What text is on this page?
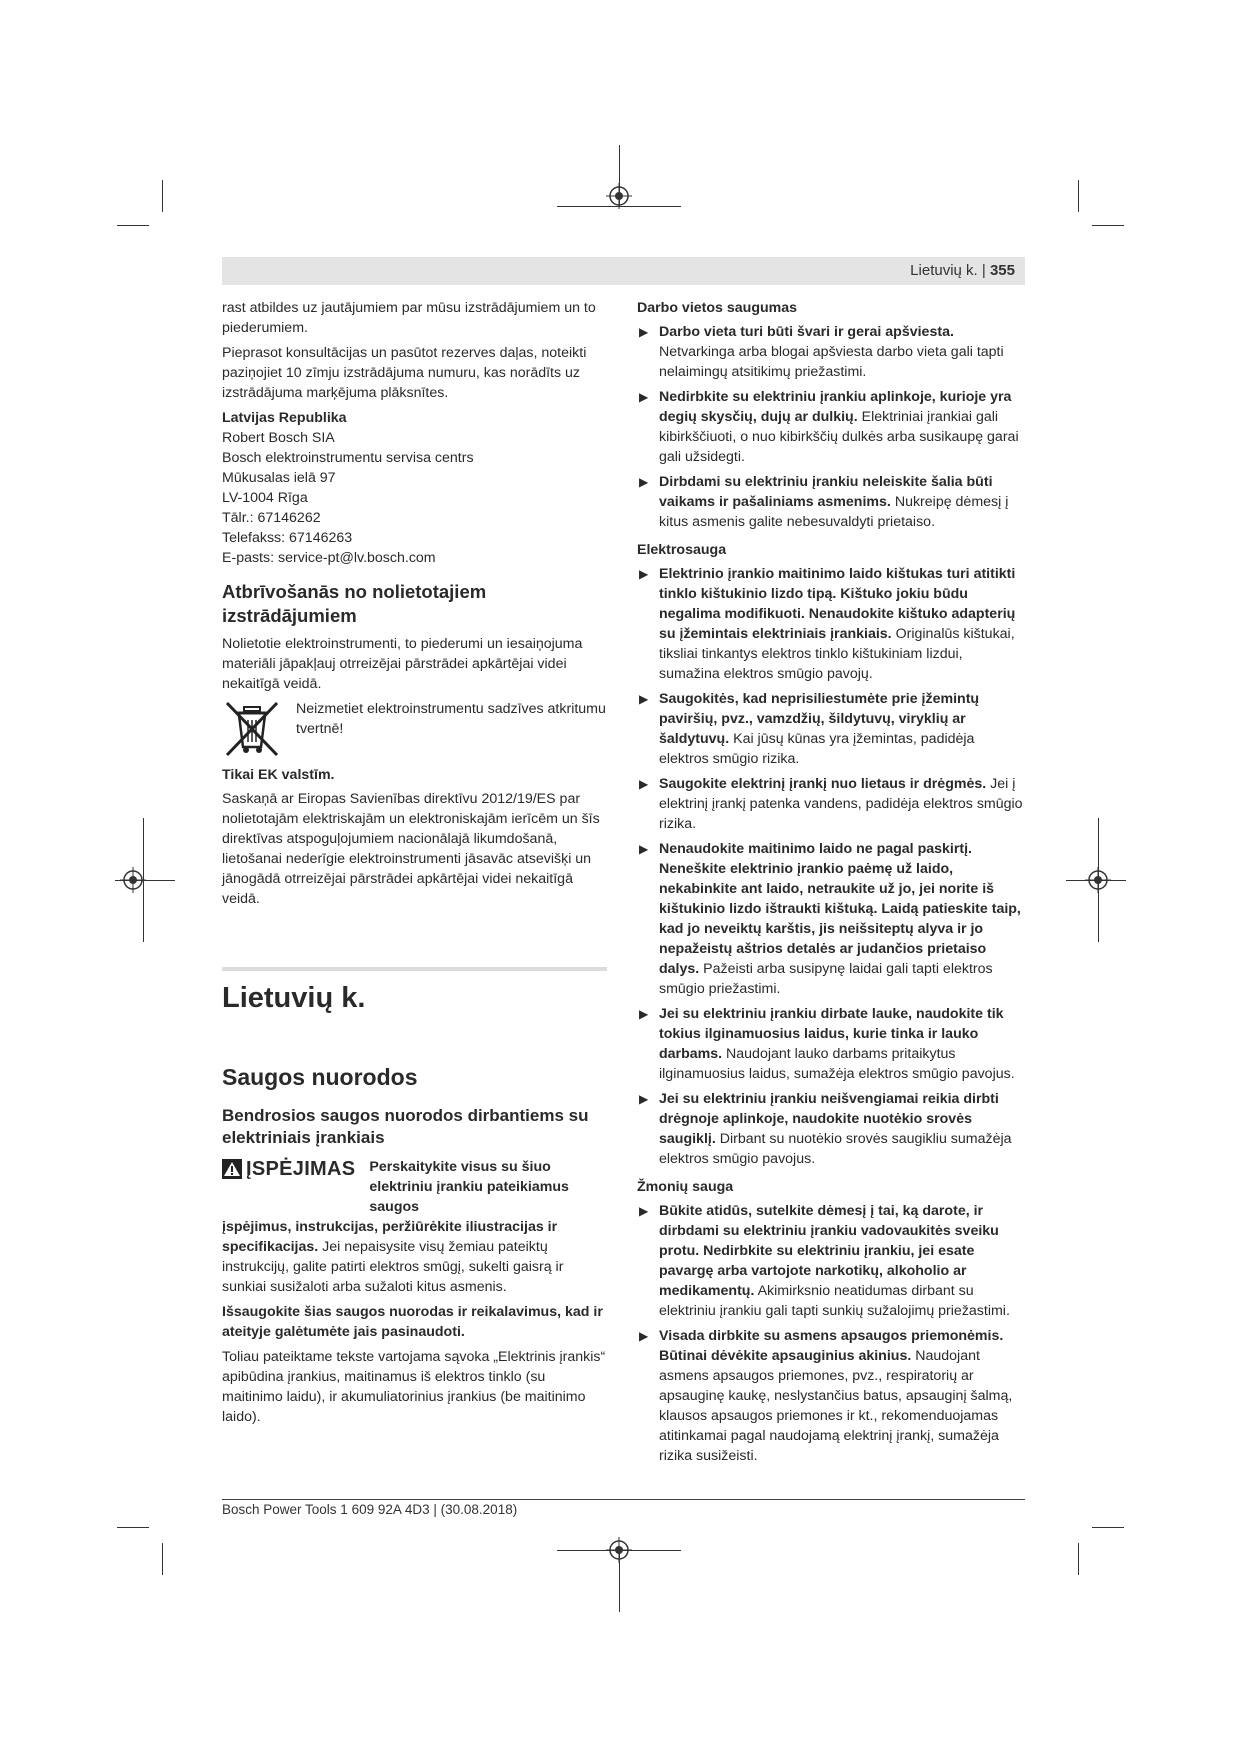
Lietuvių k. | 355

rast atbildes uz jautājumiem par mūsu izstrādājumiem un to piederumiem.

Pieprasot konsultācijas un pasūtot rezerves daļas, noteikti paziņojiet 10 zīmju izstrādājuma numuru, kas norādīts uz izstrādājuma marķējuma plāksnītes.

Latvijas Republika
Robert Bosch SIA
Bosch elektroinstrumentu servisa centrs
Mūkusalas ielā 97
LV-1004 Rīga
Tālr.: 67146262
Telefakss: 67146263
E-pasts: service-pt@lv.bosch.com
Atbrīvošanās no nolietotajiem izstrādājumiem

Nolietotie elektroinstrumenti, to piederumi un iesaiņojuma materiāli jāpakļauj otrreizējai pārstrādei apkārtējai videi nekaitīgā veidā.

Neizmetiet elektroinstrumentu sadzīves atkritumu tvertnē!
Tikai EK valstīm.

Saskaņā ar Eiropas Savienības direktīvu 2012/19/ES par nolietotajām elektriskajām un elektroniskajām ierīcēm un šīs direktīvas atspoguļojumiem nacionālajā likumdošanā, lietošanai nederīgie elektroinstrumenti jāsavāc atsevišķi un jānogādā otrreizējai pārstrādei apkārtējai videi nekaitīgā veidā.

Lietuvių k.
Saugos nuorodos
Bendrosios saugos nuorodos dirbantiems su elektriniais įrankiais
ĮSPĖJIMAS Perskaitykite visus su šiuo elektriniu įrankiu pateikiamus saugos

įspėjimus, instrukcijas, peržiūrėkite iliustracijas ir specifikacijas. Jei nepaisysite visų žemiau pateiktų instrukcijų, galite patirti elektros smūgį, sukelti gaisrą ir sunkiai susižaloti arba sužaloti kitus asmenis.

Išsaugokite šias saugos nuorodas ir reikalavimus, kad ir ateityje galėtumėte jais pasinaudoti.

Toliau pateiktame tekste vartojama sąvoka „Elektrinis įrankis“ apibūdina įrankius, maitinamus iš elektros tinklo (su maitinimo laidu), ir akumuliatorinius įrankius (be maitinimo laido).

Darbo vietos saugumas
▶ Darbo vieta turi būti švari ir gerai apšviesta. Netvarkinga arba blogai apšviesta darbo vieta gali tapti nelaimingų atsitikimų priežastimi.
▶ Nedirbkite su elektriniu įrankiu aplinkoje, kurioje yra degių skysčių, dujų ar dulkių. Elektriniai įrankiai gali kibirkščiuoti, o nuo kibirkščių dulkės arba susikaupę garai gali užsidegti.
▶ Dirbdami su elektriniu įrankiu neleiskite šalia būti vaikams ir pašaliniams asmenims. Nukreipę dėmesį į kitus asmenis galite nebesuvaldyti prietaiso.
Elektrosauga
▶ Elektrinio įrankio maitinimo laido kištukas turi atitikti tinklo kištukinio lizdo tipą. Kištuko jokiu būdu negalima modifikuoti. Nenaudokite kištuko adapterių su įžemintais elektriniais įrankiais. Originalūs kištukai, tiksliai tinkantys elektros tinklo kištukiniam lizdui, sumažina elektros smūgio pavojų.
▶ Saugokitės, kad neprisiliestumėte prie įžemintų paviršių, pvz., vamzdžių, šildytuvų, viryklių ar šaldytuvų. Kai jūsų kūnas yra įžemintas, padidėja elektros smūgio rizika.
▶ Saugokite elektrinį įrankį nuo lietaus ir drėgmės. Jei į elektrinį įrankį patenka vandens, padidėja elektros smūgio rizika.
▶ Nenaudokite maitinimo laido ne pagal paskirtį. Neneškite elektrinio įrankio paėmę už laido, nekabinkite ant laido, netraukite už jo, jei norite iš kištukinio lizdo ištraukti kištuką. Laidą patieskite taip, kad jo neveiktų karštis, jis neišsiteptų alyva ir jo nepažeistų aštrios detalės ar judančios prietaiso dalys. Pažeisti arba susipynę laidai gali tapti elektros smūgio priežastimi.
▶ Jei su elektriniu įrankiu dirbate lauke, naudokite tik tokius ilginamuosius laidus, kurie tinka ir lauko darbams. Naudojant lauko darbams pritaikytus ilginamuosius laidus, sumažėja elektros smūgio pavojus.
▶ Jei su elektriniu įrankiu neišvengiamai reikia dirbti drėgnoje aplinkoje, naudokite nuotėkio srovės saugiklį. Dirbant su nuotėkio srovės saugikliu sumažėja elektros smūgio pavojus.
Žmonių sauga
▶ Būkite atidūs, sutelkite dėmesį į tai, ką darote, ir dirbdami su elektriniu įrankiu vadovaukitės sveiku protu. Nedirbkite su elektriniu įrankiu, jei esate pavargę arba vartojote narkotikų, alkoholio ar medikamentų. Akimirksnio neatidumas dirbant su elektriniu įrankiu gali tapti sunkių sužalojimų priežastimi.
▶ Visada dirbkite su asmens apsaugos priemonėmis. Būtinai dėvėkite apsauginius akinius. Naudojant asmens apsaugos priemones, pvz., respiratorių ar apsauginę kaukę, neslystančius batus, apsauginį šalmą, klausos apsaugos priemones ir kt., rekomenduojamas atitinkamai pagal naudojamą elektrinį įrankį, sumažėja rizika susižeisti.
Bosch Power Tools 1 609 92A 4D3 | (30.08.2018)
